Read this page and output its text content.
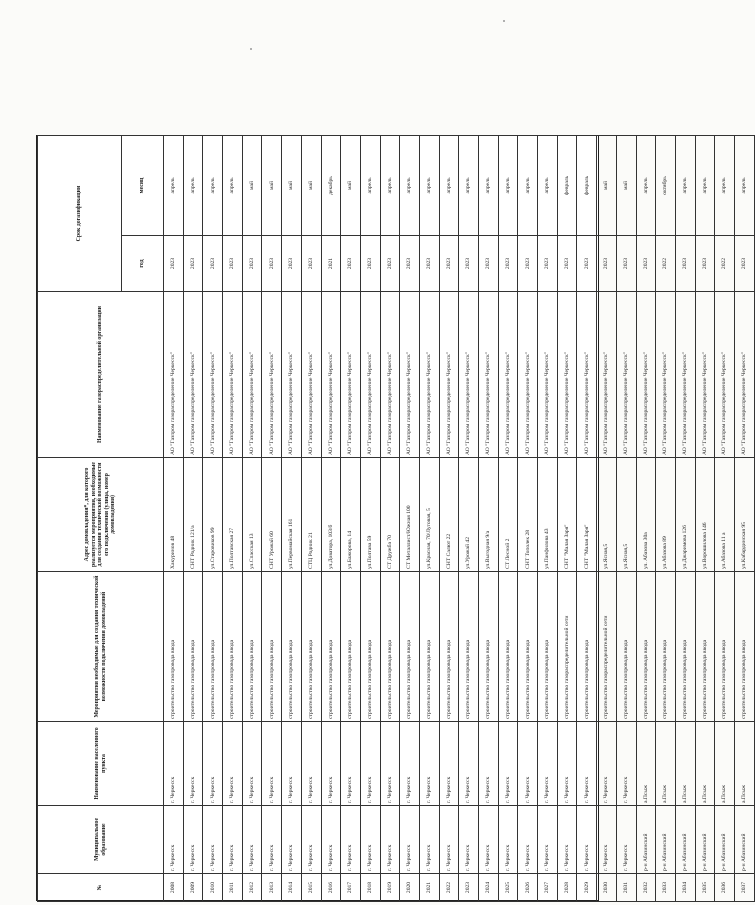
№	Муниципальное образование	Наименование населенного пункта	Мероприятия необходимые для создания технической возможности подключения домовладений	Адрес домовладения*, для которого реализуется мероприятия, необходимые для создания технической возможности его подключения (улица, номер домовладения)	Наименование газораспределительной организации	Срок догазификации	
						год	месяц
2008	г. Черкесск	г. Черкесск	строительство газопровода ввода	Хакуринов 48	АО "Газпром газораспределение Черкесск"	2023	апрель
2009	г. Черкесск	г. Черкесск	строительство газопровода ввода	СНТ Родник 121/а	АО "Газпром газораспределение Черкесск"	2023	апрель
2010	г. Черкесск	г. Черкесск	строительство газопровода ввода	ул.Старовиков 99	АО "Газпром газораспределение Черкесск"	2023	апрель
2011	г. Черкесск	г. Черкесск	строительство газопровода ввода	ул.Полтавская 27	АО "Газпром газораспределение Черкесск"	2023	апрель
2012	г. Черкесск	г. Черкесск	строительство газопровода ввода	ул.Спасская 13	АО "Газпром газораспределение Черкесск"	2023	май
2013	г. Черкесск	г. Черкесск	строительство газопровода ввода	СНТ Урожай 60	АО "Газпром газораспределение Черкесск"	2023	май
2014	г. Черкесск	г. Черкесск	строительство газопровода ввода	ул.Первомайская 161	АО "Газпром газораспределение Черкесск"	2023	май
2015	г. Черкесск	г. Черкесск	строительство газопровода ввода	СТЦ Родник 21	АО "Газпром газораспределение Черкесск"	2023	май
2016	г. Черкесск	г. Черкесск	строительство газопровода ввода	ул.Доватора, 103/б	АО "Газпром газораспределение Черкесск"	2021	декабрь
2017	г. Черкесск	г. Черкесск	строительство газопровода ввода	ул.Бажорова, 14	АО "Газпром газораспределение Черкесск"	2023	май
2018	г. Черкесск	г. Черкесск	строительство газопровода ввода	ул.Полтава 59	АО "Газпром газораспределение Черкесск"	2023	апрель
2019	г. Черкесск	г. Черкесск	строительство газопровода ввода	СТ Дружба 70	АО "Газпром газораспределение Черкесск"	2023	апрель
2020	г. Черкесск	г. Черкесск	строительство газопровода ввода	СТ Металлист/Южная 100	АО "Газпром газораспределение Черкесск"	2023	апрель
2021	г. Черкесск	г. Черкесск	строительство газопровода ввода	ул.Красная, 70/Луговая, 5	АО "Газпром газораспределение Черкесск"	2023	апрель
2022	г. Черкесск	г. Черкесск	строительство газопровода ввода	СНТ Салют 22	АО "Газпром газораспределение Черкесск"	2023	апрель
2023	г. Черкесск	г. Черкесск	строительство газопровода ввода	ул.Урожай 42	АО "Газпром газораспределение Черкесск"	2023	апрель
2024	г. Черкесск	г. Черкесск	строительство газопровода ввода	ул.Выгодная 9/а	АО "Газпром газораспределение Черкесск"	2023	апрель
2025	г. Черкесск	г. Черкесск	строительство газопровода ввода	СТ Лесной 2	АО "Газпром газораспределение Черкесск"	2023	апрель
2026	г. Черкесск	г. Черкесск	строительство газопровода ввода	СНТ Тополек 28	АО "Газпром газораспределение Черкесск"	2023	апрель
2027	г. Черкесск	г. Черкесск	строительство газопровода ввода	ул.Панфилова 43	АО "Газпром газораспределение Черкесск"	2023	апрель
2028	г. Черкесск	г. Черкесск	строительство газораспределительной сети	СНТ "Малая Заря"	АО "Газпром газораспределение Черкесск"	2023	февраль
2029	г. Черкесск	г. Черкесск	строительство газопровода ввода	СНТ "Малая Заря"	АО "Газпром газораспределение Черкесск"	2023	февраль
2030	г. Черкесск	г. Черкесск	строительство газораспределительной сети	ул.Ясная,5	АО "Газпром газораспределение Черкесск"	2023	май
2031	г. Черкесск	г. Черкесск	строительство газопровода ввода	ул.Ясная,5	АО "Газпром газораспределение Черкесск"	2023	май
2032	р-н Абазинский	а.Псыж	строительство газопровода ввода	ул. Абазова 30а	АО "Газпром газораспределение Черкесск"	2023	апрель
2033	р-н Абазинский	а.Псыж	строительство газопровода ввода	ул.Абазова 89	АО "Газпром газораспределение Черкесск"	2022	октябрь
2034	р-н Абазинский	а.Псыж	строительство газопровода ввода	ул.Джаримова 126	АО "Газпром газораспределение Черкесск"	2023	апрель
2035	р-н Абазинский	а.Псыж	строительство газопровода ввода	ул.Ворошилова 146	АО "Газпром газораспределение Черкесск"	2023	апрель
2036	р-н Абазинский	а.Псыж	строительство газопровода ввода	ул.Абазова 11 а	АО "Газпром газораспределение Черкесск"	2022	апрель
2037	р-н Абазинский	а.Псыж	строительство газопровода ввода	ул.Кабардинская 95	АО "Газпром газораспределение Черкесск"	2023	апрель
